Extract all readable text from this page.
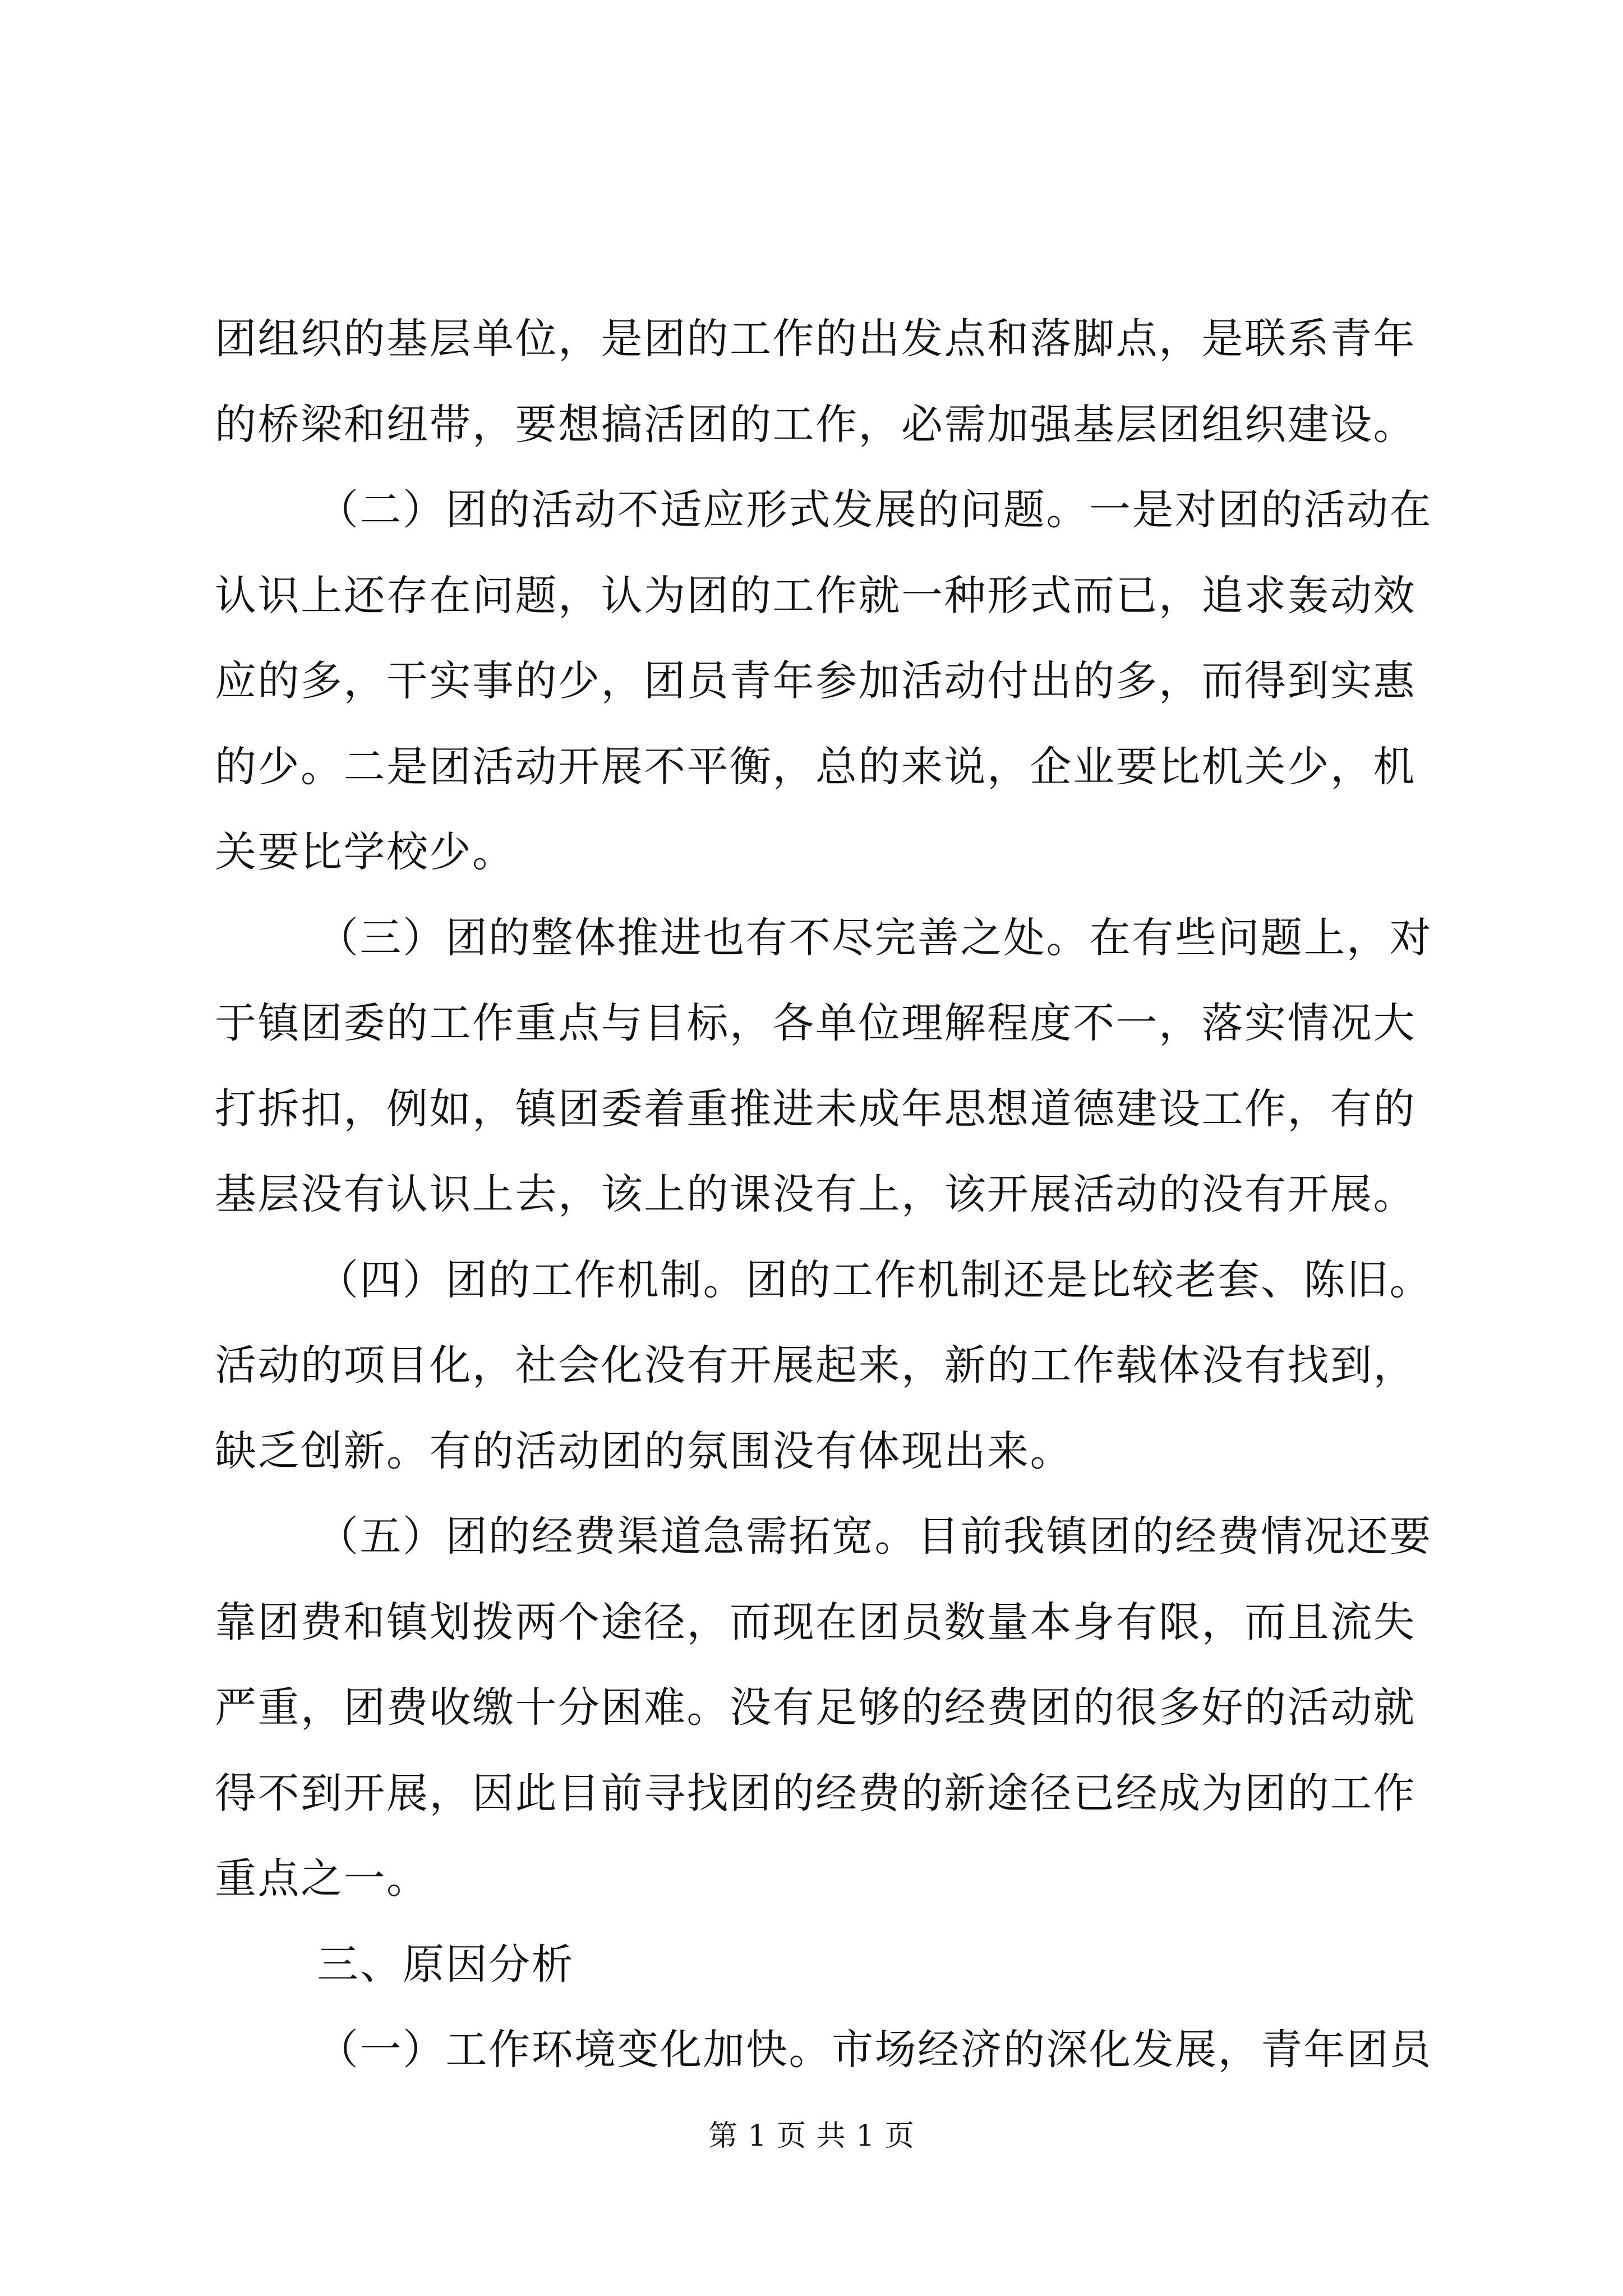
团组织的基层单位，是团的工作的出发点和落脚点，是联系青年
的桥梁和纽带，要想搞活团的工作，必需加强基层团组织建设。
（二）团的活动不适应形式发展的问题。一是对团的活动在
认识上还存在问题，认为团的工作就一种形式而已，追求轰动效
应的多，干实事的少，团员青年参加活动付出的多，而得到实惠
的少。二是团活动开展不平衡，总的来说，企业要比机关少，机
关要比学校少。
（三）团的整体推进也有不尽完善之处。在有些问题上，对
于镇团委的工作重点与目标，各单位理解程度不一，落实情况大
打拆扣，例如，镇团委着重推进未成年思想道德建设工作，有的
基层没有认识上去，该上的课没有上，该开展活动的没有开展。
（四）团的工作机制。团的工作机制还是比较老套、陈旧。
活动的项目化，社会化没有开展起来，新的工作载体没有找到，
缺乏创新。有的活动团的氛围没有体现出来。
（五）团的经费渠道急需拓宽。目前我镇团的经费情况还要
靠团费和镇划拨两个途径，而现在团员数量本身有限，而且流失
严重，团费收缴十分困难。没有足够的经费团的很多好的活动就
得不到开展，因此目前寻找团的经费的新途径已经成为团的工作
重点之一。
三、原因分析
（一）工作环境变化加快。市场经济的深化发展，青年团员
第 1 页 共 1 页
